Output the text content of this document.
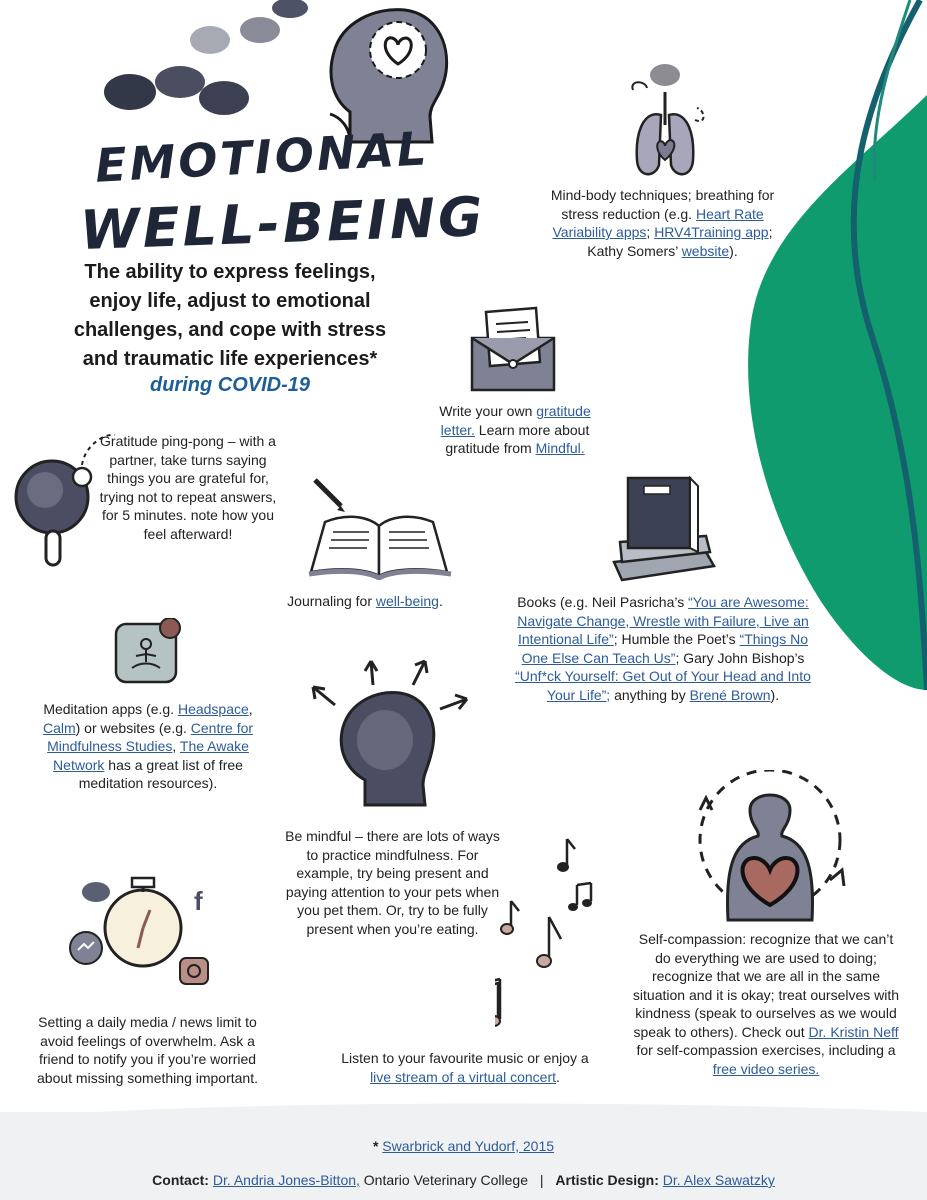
EMOTIONAL
WELL-BEING
The ability to express feelings,
enjoy life, adjust to emotional
challenges, and cope with stress
and traumatic life experiences*
during COVID-19
Mind-body techniques; breathing for stress reduction (e.g. Heart Rate Variability apps; HRV4Training app; Kathy Somers’ website).
Write your own gratitude letter. Learn more about gratitude from Mindful.
Gratitude ping-pong – with a partner, take turns saying things you are grateful for, trying not to repeat answers, for 5 minutes. note how you feel afterward!
Journaling for well-being.	Books (e.g. Neil Pasricha’s “You are Awesome: Navigate Change, Wrestle with Failure, Live an Intentional Life”; Humble the Poet’s “Things No One Else Can Teach Us”; Gary John Bishop’s “Unf*ck Yourself: Get Out of Your Head and Into Your Life”; anything by Brené Brown).
Meditation apps (e.g. Headspace, Calm) or websites (e.g. Centre for Mindfulness Studies, The Awake Network has a great list of free meditation resources).
Be mindful – there are lots of ways to practice mindfulness. For example, try being present and paying attention to your pets when you pet them. Or, try to be fully present when you’re eating.
Self-compassion: recognize that we can’t do everything we are used to doing; recognize that we are all in the same situation and it is okay; treat ourselves with kindness (speak to ourselves as we would speak to others). Check out Dr. Kristin Neff for self-compassion exercises, including a free video series.
f
Setting a daily media / news limit to avoid feelings of overwhelm. Ask a friend to notify you if you’re worried about missing something important.
Listen to your favourite music or enjoy a live stream of a virtual concert.
* Swarbrick and Yudorf, 2015
Contact: Dr. Andria Jones-Bitton, Ontario Veterinary College | Artistic Design: Dr. Alex Sawatzky
